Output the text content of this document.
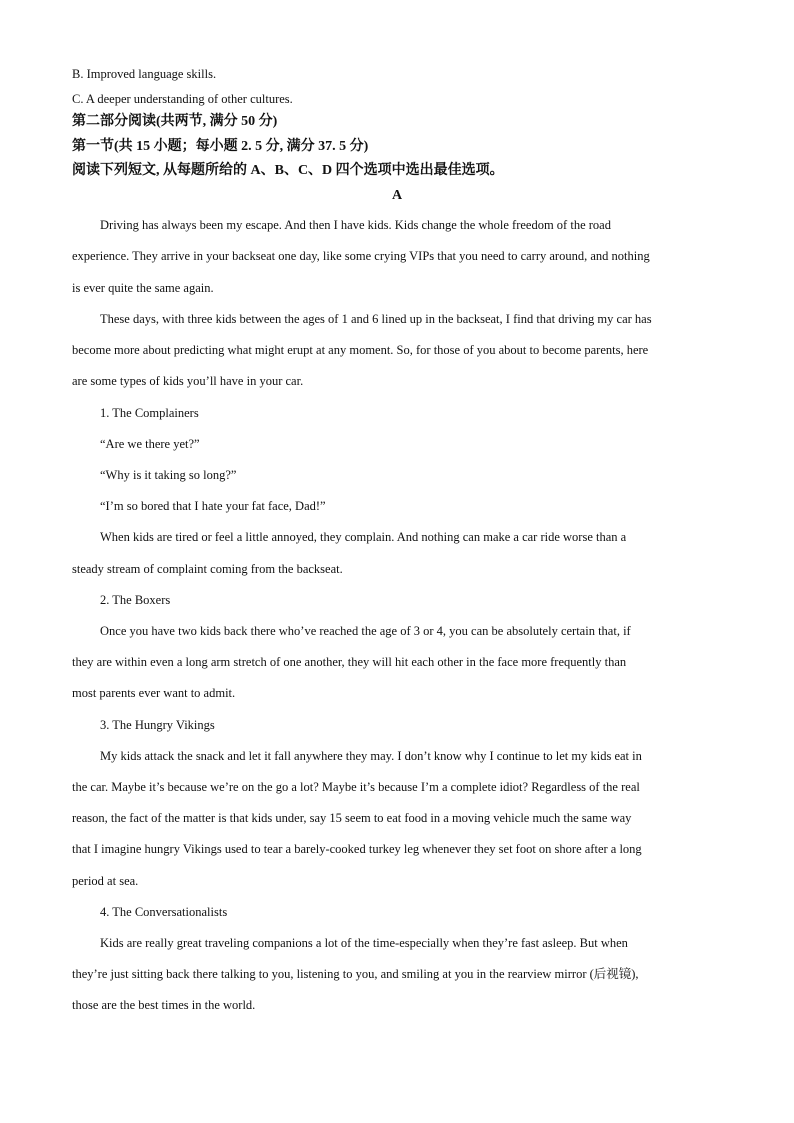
B. Improved language skills.
C. A deeper understanding of other cultures.
第二部分阅读(共两节, 满分 50 分)
第一节(共 15 小题；每小题 2. 5 分, 满分 37. 5 分)
阅读下列短文, 从每题所给的 A、B、C、D 四个选项中选出最佳选项。
A
Driving has always been my escape. And then I have kids. Kids change the whole freedom of the road
experience. They arrive in your backseat one day, like some crying VIPs that you need to carry around, and nothing
is ever quite the same again.
These days, with three kids between the ages of 1 and 6 lined up in the backseat, I find that driving my car has
become more about predicting what might erupt at any moment. So, for those of you about to become parents, here
are some types of kids you’ll have in your car.
1. The Complainers
“Are we there yet?”
“Why is it taking so long?”
“I’m so bored that I hate your fat face, Dad!”
When kids are tired or feel a little annoyed, they complain. And nothing can make a car ride worse than a
steady stream of complaint coming from the backseat.
2. The Boxers
Once you have two kids back there who’ve reached the age of 3 or 4, you can be absolutely certain that, if
they are within even a long arm stretch of one another, they will hit each other in the face more frequently than
most parents ever want to admit.
3. The Hungry Vikings
My kids attack the snack and let it fall anywhere they may. I don’t know why I continue to let my kids eat in
the car. Maybe it’s because we’re on the go a lot? Maybe it’s because I’m a complete idiot? Regardless of the real
reason, the fact of the matter is that kids under, say 15 seem to eat food in a moving vehicle much the same way
that I imagine hungry Vikings used to tear a barely-cooked turkey leg whenever they set foot on shore after a long
period at sea.
4. The Conversationalists
Kids are really great traveling companions a lot of the time-especially when they’re fast asleep. But when
they’re just sitting back there talking to you, listening to you, and smiling at you in the rearview mirror (后视镜),
those are the best times in the world.
